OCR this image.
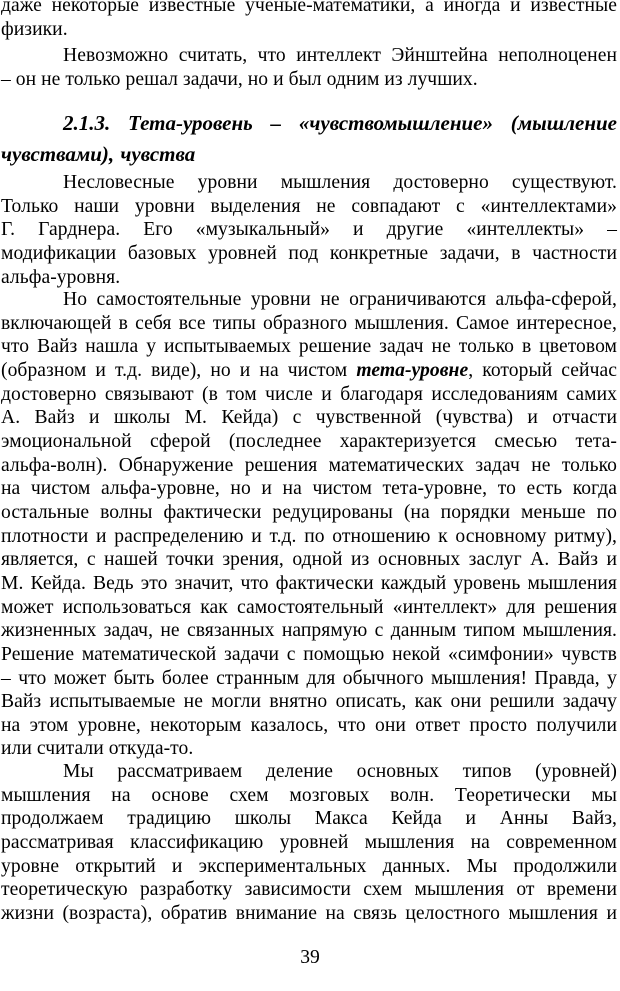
даже некоторые известные ученые-математики, а иногда и известные

физики.

Невозможно считать, что интеллект Эйнштейна неполноценен

– он не только решал задачи, но и был одним из лучших.

2.1.3. Тета-уровень – «чувствомышление» (мышление чувствами), чувства

Несловесные уровни мышления достоверно существуют.

Только наши уровни выделения не совпадают с «интеллектами»

Г. Гарднера. Его «музыкальный» и другие «интеллекты» –

модификации базовых уровней под конкретные задачи, в частности

альфа-уровня.

Но самостоятельные уровни не ограничиваются альфа-сферой,

включающей в себя все типы образного мышления. Самое интересное,

что Вайз нашла у испытываемых решение задач не только в цветовом

(образном и т.д. виде), но и на чистом тета-уровне, который сейчас

достоверно связывают (в том числе и благодаря исследованиям самих

А. Вайз и школы М. Кейда) с чувственной (чувства) и отчасти

эмоциональной сферой (последнее характеризуется смесью тета-

альфа-волн). Обнаружение решения математических задач не только

на чистом альфа-уровне, но и на чистом тета-уровне, то есть когда

остальные волны фактически редуцированы (на порядки меньше по

плотности и распределению и т.д. по отношению к основному ритму),

является, с нашей точки зрения, одной из основных заслуг А. Вайз и

М. Кейда. Ведь это значит, что фактически каждый уровень мышления

может использоваться как самостоятельный «интеллект» для решения

жизненных задач, не связанных напрямую с данным типом мышления.

Решение математической задачи с помощью некой «симфонии» чувств

– что может быть более странным для обычного мышления! Правда, у

Вайз испытываемые не могли внятно описать, как они решили задачу

на этом уровне, некоторым казалось, что они ответ просто получили

или считали откуда-то.

Мы рассматриваем деление основных типов (уровней)

мышления на основе схем мозговых волн. Теоретически мы

продолжаем традицию школы Макса Кейда и Анны Вайз,

рассматривая классификацию уровней мышления на современном

уровне открытий и экспериментальных данных. Мы продолжили

теоретическую разработку зависимости схем мышления от времени

жизни (возраста), обратив внимание на связь целостного мышления и

39
